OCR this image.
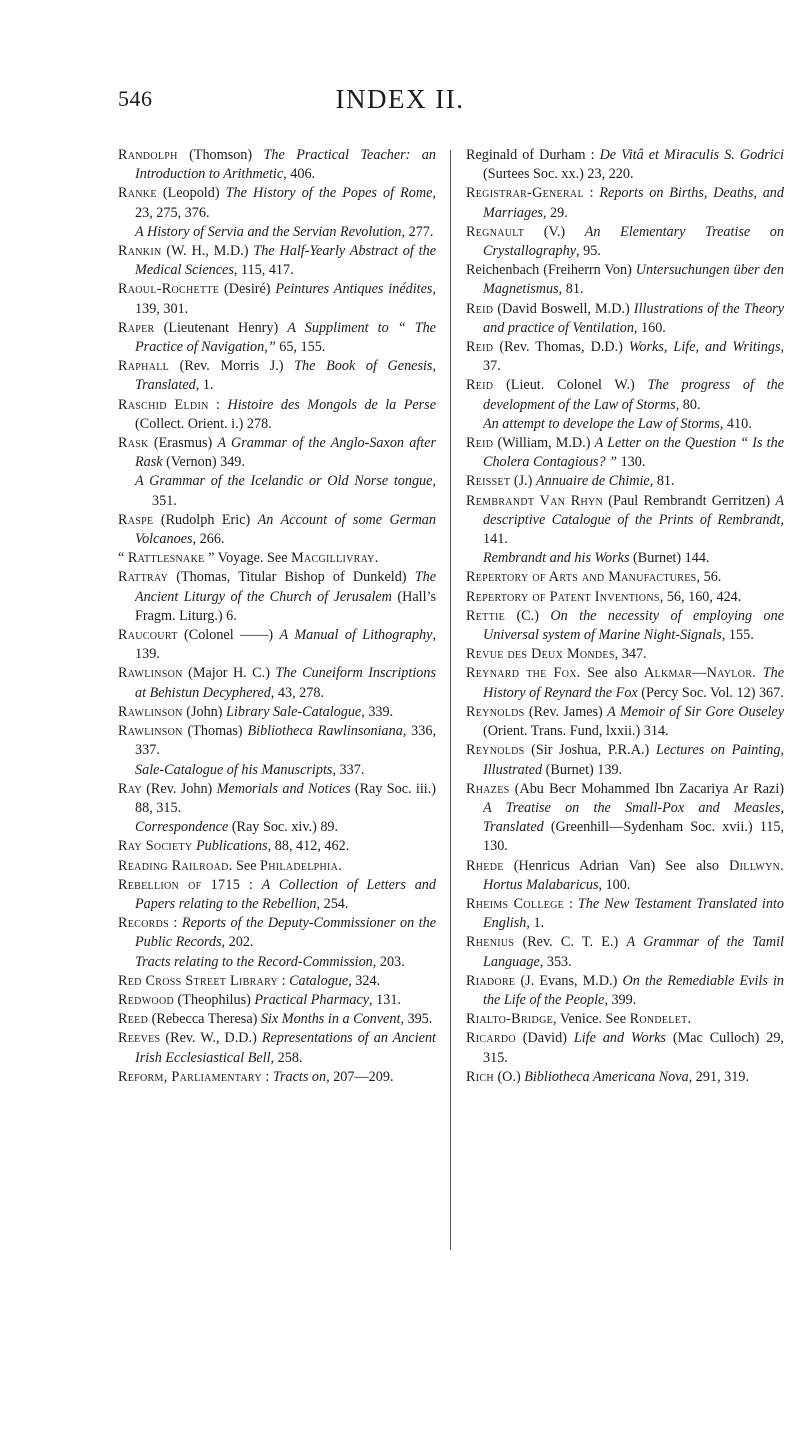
546	INDEX II.
Randolph (Thomson) The Practical Teacher: an Introduction to Arithmetic, 406.
Ranke (Leopold) The History of the Popes of Rome, 23, 275, 376.
A History of Servia and the Servian Revolution, 277.
Rankin (W. H., M.D.) The Half-Yearly Abstract of the Medical Sciences, 115, 417.
Raoul-Rochette (Desiré) Peintures Antiques inédites, 139, 301.
Raper (Lieutenant Henry) A Suppliment to “ The Practice of Navigation,” 65, 155.
Raphall (Rev. Morris J.) The Book of Genesis, Translated, 1.
Raschid Eldin : Histoire des Mongols de la Perse (Collect. Orient. i.) 278.
Rask (Erasmus) A Grammar of the Anglo-Saxon after Rask (Vernon) 349.
A Grammar of the Icelandic or Old Norse tongue, 351.
Raspe (Rudolph Eric) An Account of some German Volcanoes, 266.
“ Rattlesnake ” Voyage. See Macgillivray.
Rattray (Thomas, Titular Bishop of Dunkeld) The Ancient Liturgy of the Church of Jerusalem (Hall’s Fragm. Liturg.) 6.
Raucourt (Colonel ——) A Manual of Lithography, 139.
Rawlinson (Major H. C.) The Cuneiform Inscriptions at Behistun Decyphered, 43, 278.
Rawlinson (John) Library Sale-Catalogue, 339.
Rawlinson (Thomas) Bibliotheca Rawlinsoniana, 336, 337.
Sale-Catalogue of his Manuscripts, 337.
Ray (Rev. John) Memorials and Notices (Ray Soc. iii.) 88, 315.
Correspondence (Ray Soc. xiv.) 89.
Ray Society Publications, 88, 412, 462.
Reading Railroad. See Philadelphia.
Rebellion of 1715 : A Collection of Letters and Papers relating to the Rebellion, 254.
Records : Reports of the Deputy-Commissioner on the Public Records, 202.
Tracts relating to the Record-Commission, 203.
Red Cross Street Library : Catalogue, 324.
Redwood (Theophilus) Practical Pharmacy, 131.
Reed (Rebecca Theresa) Six Months in a Convent, 395.
Reeves (Rev. W., D.D.) Representations of an Ancient Irish Ecclesiastical Bell, 258.
Reform, Parliamentary : Tracts on, 207—209.
Reginald of Durham : De Vitâ et Miraculis S. Godrici (Surtees Soc. xx.) 23, 220.
Registrar-General : Reports on Births, Deaths, and Marriages, 29.
Regnault (V.) An Elementary Treatise on Crystallography, 95.
Reichenbach (Freiherrn Von) Untersuchungen über den Magnetismus, 81.
Reid (David Boswell, M.D.) Illustrations of the Theory and practice of Ventilation, 160.
Reid (Rev. Thomas, D.D.) Works, Life, and Writings, 37.
Reid (Lieut. Colonel W.) The progress of the development of the Law of Storms, 80.
An attempt to develope the Law of Storms, 410.
Reid (William, M.D.) A Letter on the Question “ Is the Cholera Contagious? ” 130.
Reisset (J.) Annuaire de Chimie, 81.
Rembrandt Van Rhyn (Paul Rembrandt Gerritzen) A descriptive Catalogue of the Prints of Rembrandt, 141.
Rembrandt and his Works (Burnet) 144.
Repertory of Arts and Manufactures, 56.
Repertory of Patent Inventions, 56, 160, 424.
Rettie (C.) On the necessity of employing one Universal system of Marine Night-Signals, 155.
Revue des Deux Mondes, 347.
Reynard the Fox. See also Alkmar—Naylor. The History of Reynard the Fox (Percy Soc. Vol. 12) 367.
Reynolds (Rev. James) A Memoir of Sir Gore Ouseley (Orient. Trans. Fund, lxxii.) 314.
Reynolds (Sir Joshua, P.R.A.) Lectures on Painting, Illustrated (Burnet) 139.
Rhazes (Abu Becr Mohammed Ibn Zacariya Ar Razi) A Treatise on the Small-Pox and Measles, Translated (Greenhill—Sydenham Soc. xvii.) 115, 130.
Rhede (Henricus Adrian Van) See also Dillwyn. Hortus Malabaricus, 100.
Rheims College : The New Testament Translated into English, 1.
Rhenius (Rev. C. T. E.) A Grammar of the Tamil Language, 353.
Riadore (J. Evans, M.D.) On the Remediable Evils in the Life of the People, 399.
Rialto-Bridge, Venice. See Rondelet.
Ricardo (David) Life and Works (Mac Culloch) 29, 315.
Rich (O.) Bibliotheca Americana Nova, 291, 319.
